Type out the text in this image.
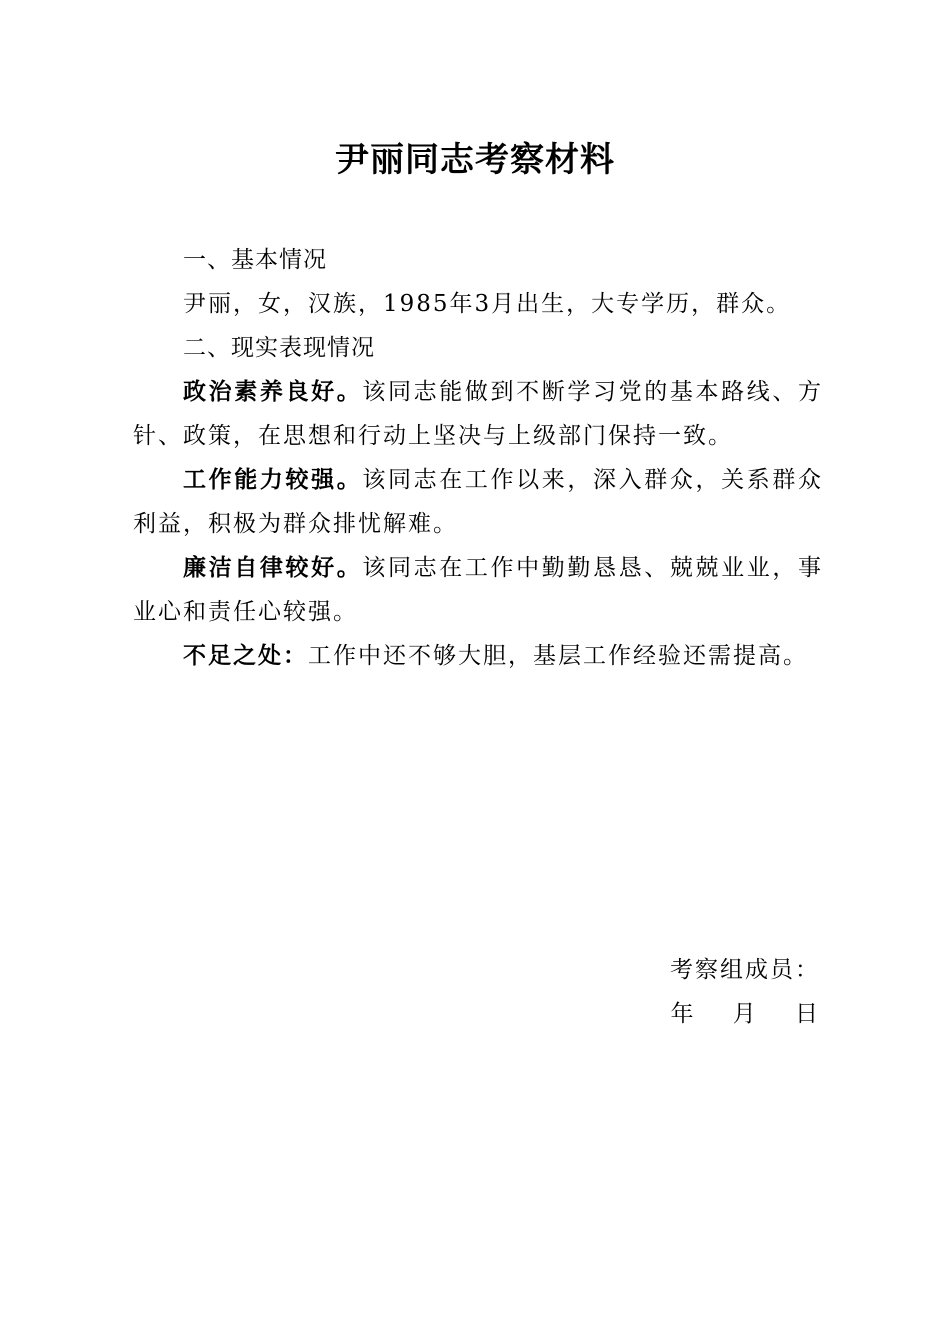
尹丽同志考察材料

一、基本情况

尹丽，女，汉族，1985年3月出生，大专学历，群众。

二、现实表现情况

政治素养良好。该同志能做到不断学习党的基本路线、方针、政策，在思想和行动上坚决与上级部门保持一致。

工作能力较强。该同志在工作以来，深入群众，关系群众利益，积极为群众排忧解难。

廉洁自律较好。该同志在工作中勤勤恳恳、兢兢业业，事业心和责任心较强。

不足之处：工作中还不够大胆，基层工作经验还需提高。

考察组成员：
年    月    日
